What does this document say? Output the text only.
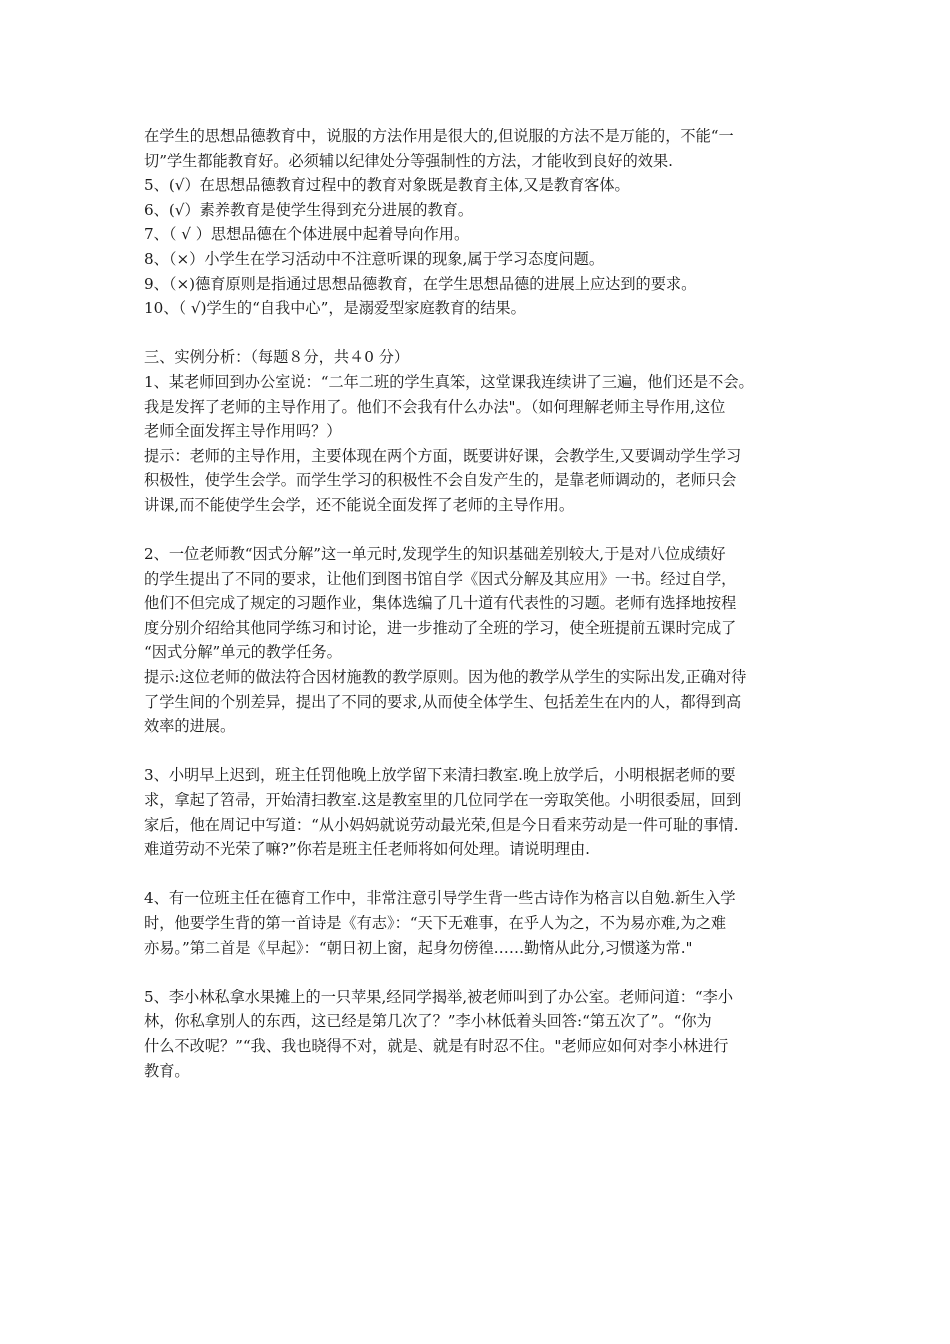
在学生的思想品德教育中，说服的方法作用是很大的,但说服的方法不是万能的，不能“一
切”学生都能教育好。必须辅以纪律处分等强制性的方法，才能收到良好的效果.
5、(√）在思想品德教育过程中的教育对象既是教育主体,又是教育客体。
6、(√）素养教育是使学生得到充分进展的教育。
7、（ √ ）思想品德在个体进展中起着导向作用。
8、（×）小学生在学习活动中不注意听课的现象,属于学习态度问题。
9、（×)德育原则是指通过思想品德教育，在学生思想品德的进展上应达到的要求。
10、（ √)学生的“自我中心”，是溺爱型家庭教育的结果。
三、实例分析：（每题８分，共４0 分）
1、某老师回到办公室说：“二年二班的学生真笨，这堂课我连续讲了三遍，他们还是不会。
我是发挥了老师的主导作用了。他们不会我有什么办法"。（如何理解老师主导作用,这位
老师全面发挥主导作用吗？）
提示：老师的主导作用，主要体现在两个方面，既要讲好课，会教学生,又要调动学生学习
积极性，使学生会学。而学生学习的积极性不会自发产生的，是靠老师调动的，老师只会
讲课,而不能使学生会学，还不能说全面发挥了老师的主导作用。
2、一位老师教“因式分解”这一单元时,发现学生的知识基础差别较大,于是对八位成绩好
的学生提出了不同的要求，让他们到图书馆自学《因式分解及其应用》一书。经过自学，
他们不但完成了规定的习题作业，集体选编了几十道有代表性的习题。老师有选择地按程
度分别介绍给其他同学练习和讨论，进一步推动了全班的学习，使全班提前五课时完成了
“因式分解”单元的教学任务。
提示:这位老师的做法符合因材施教的教学原则。因为他的教学从学生的实际出发,正确对待
了学生间的个别差异，提出了不同的要求,从而使全体学生、包括差生在内的人，都得到高
效率的进展。
3、小明早上迟到，班主任罚他晚上放学留下来清扫教室.晚上放学后，小明根据老师的要
求，拿起了笤帚，开始清扫教室.这是教室里的几位同学在一旁取笑他。小明很委屈，回到
家后，他在周记中写道：“从小妈妈就说劳动最光荣,但是今日看来劳动是一件可耻的事情.
难道劳动不光荣了嘛?”你若是班主任老师将如何处理。请说明理由.
4、有一位班主任在德育工作中，非常注意引导学生背一些古诗作为格言以自勉.新生入学
时，他要学生背的第一首诗是《有志》：“天下无难事，在乎人为之，不为易亦难,为之难
亦易。”第二首是《早起》：“朝日初上窗，起身勿傍徨……勤惰从此分,习惯遂为常."
5、李小林私拿水果摊上的一只苹果,经同学揭举,被老师叫到了办公室。老师问道：“李小
林，你私拿别人的东西，这已经是第几次了？”李小林低着头回答:“第五次了”。“你为
什么不改呢？”“我、我也晓得不对，就是、就是有时忍不住。"老师应如何对李小林进行
教育。
